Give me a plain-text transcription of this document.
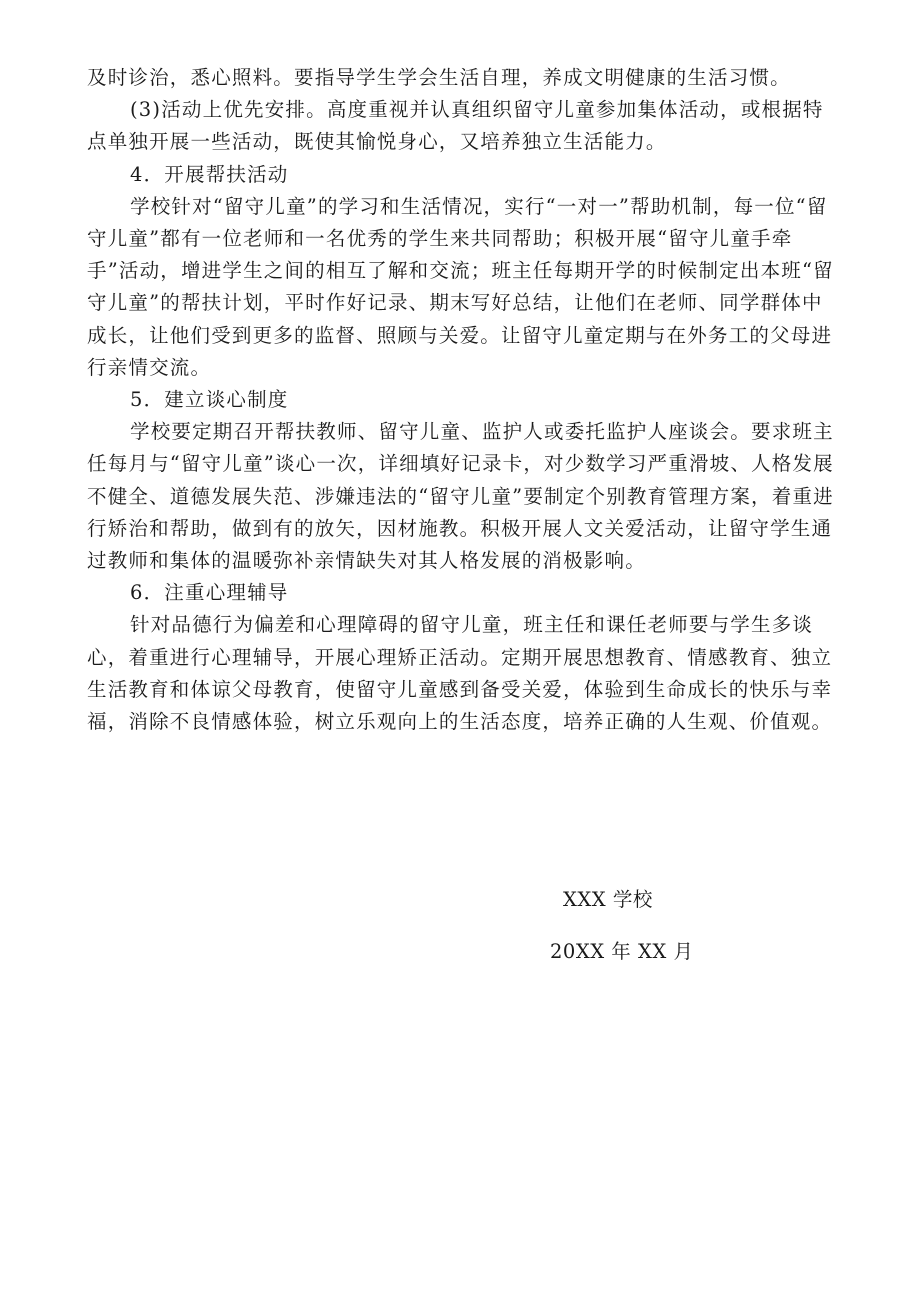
及时诊治，悉心照料。要指导学生学会生活自理，养成文明健康的生活习惯。

(3)活动上优先安排。高度重视并认真组织留守儿童参加集体活动，或根据特点单独开展一些活动，既使其愉悦身心，又培养独立生活能力。

4．开展帮扶活动

学校针对“留守儿童”的学习和生活情况，实行“一对一”帮助机制，每一位“留守儿童”都有一位老师和一名优秀的学生来共同帮助；积极开展“留守儿童手牵手”活动，增进学生之间的相互了解和交流；班主任每期开学的时候制定出本班“留守儿童”的帮扶计划，平时作好记录、期末写好总结，让他们在老师、同学群体中成长，让他们受到更多的监督、照顾与关爱。让留守儿童定期与在外务工的父母进行亲情交流。

5．建立谈心制度

学校要定期召开帮扶教师、留守儿童、监护人或委托监护人座谈会。要求班主任每月与“留守儿童”谈心一次，详细填好记录卡，对少数学习严重滑坡、人格发展不健全、道德发展失范、涉嫌违法的“留守儿童”要制定个别教育管理方案，着重进行矫治和帮助，做到有的放矢，因材施教。积极开展人文关爱活动，让留守学生通过教师和集体的温暖弥补亲情缺失对其人格发展的消极影响。

6．注重心理辅导

针对品德行为偏差和心理障碍的留守儿童，班主任和课任老师要与学生多谈心，着重进行心理辅导，开展心理矫正活动。定期开展思想教育、情感教育、独立生活教育和体谅父母教育，使留守儿童感到备受关爱，体验到生命成长的快乐与幸福，消除不良情感体验，树立乐观向上的生活态度，培养正确的人生观、价值观。

XXX 学校
20XX 年 XX 月
